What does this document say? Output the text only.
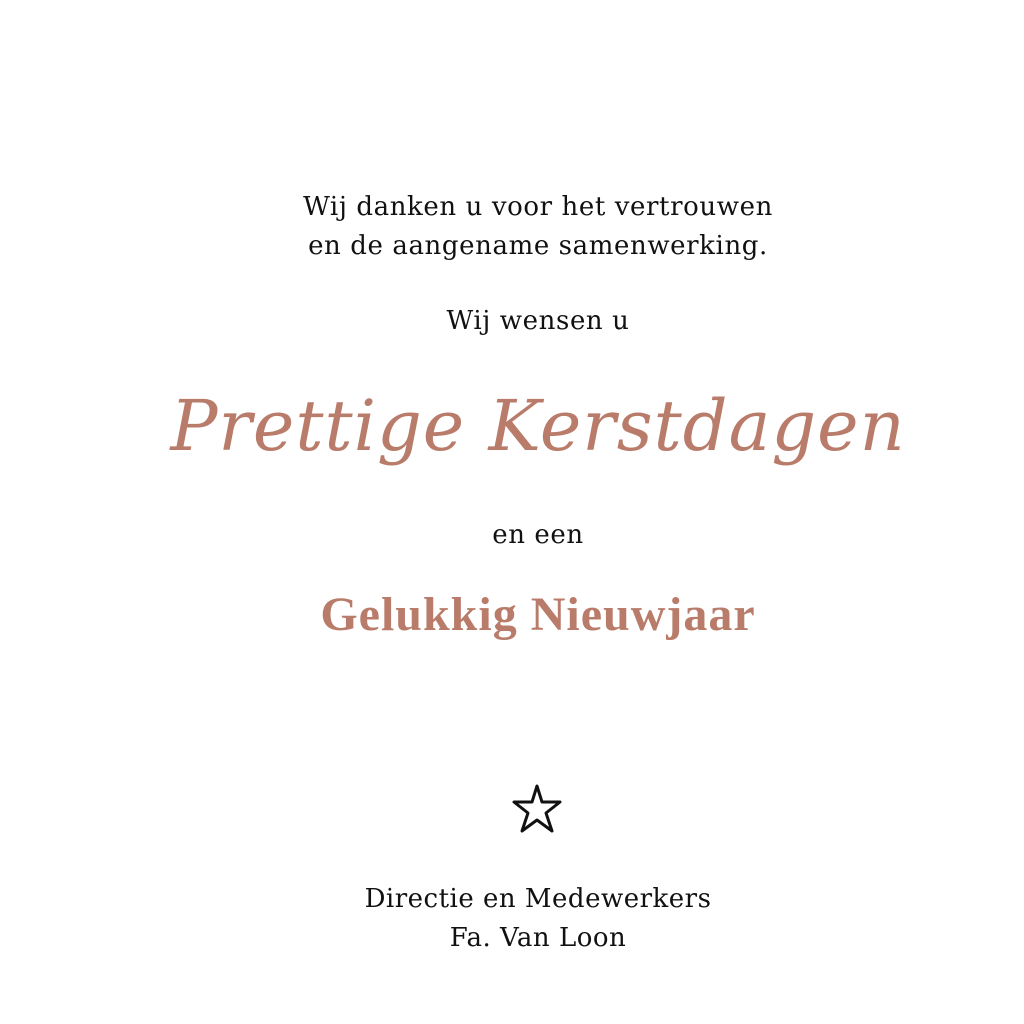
Wij danken u voor het vertrouwen
en de aangename samenwerking.
Wij wensen u
Prettige Kerstdagen
en een
Gelukkig Nieuwjaar
Directie en Medewerkers
Fa. Van Loon
